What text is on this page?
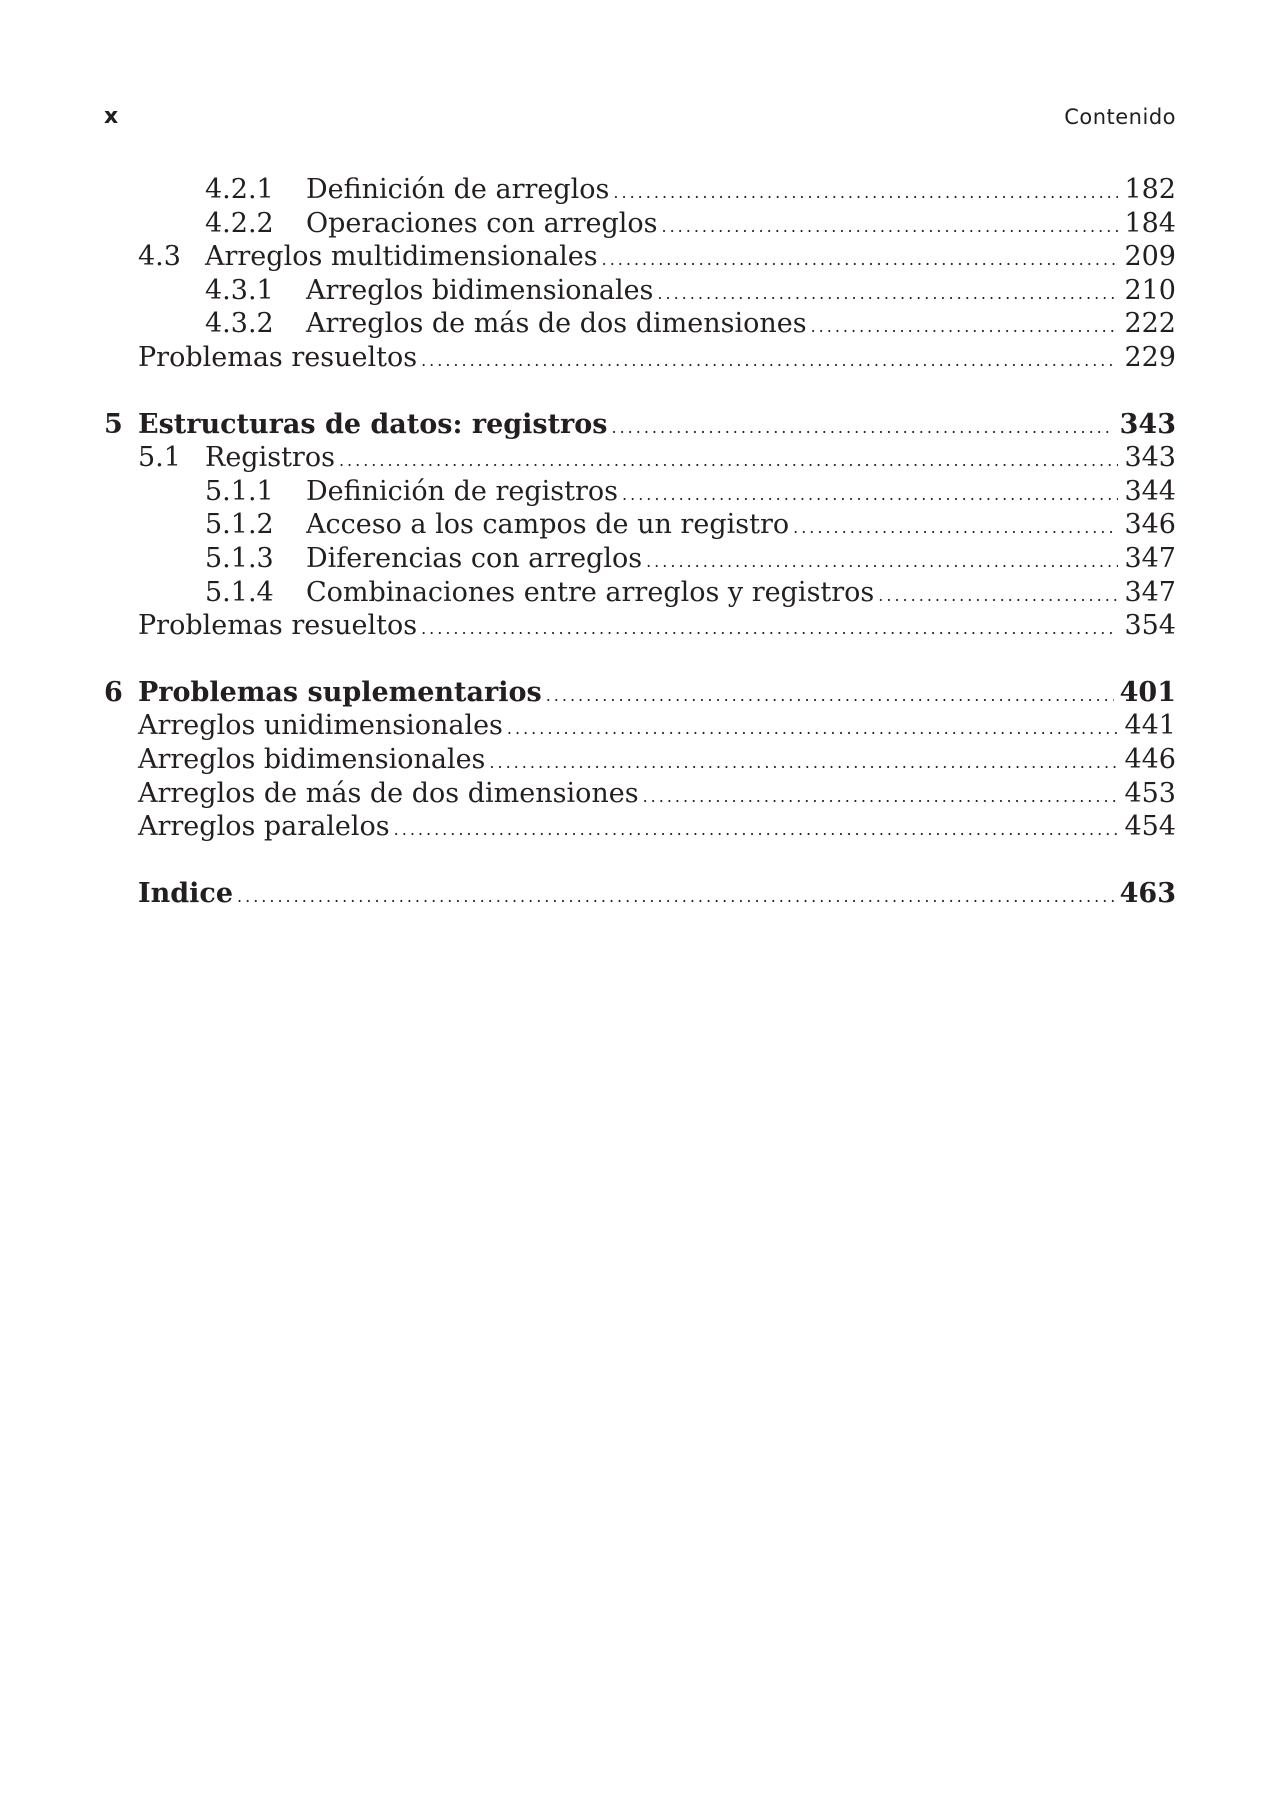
x	Contenido
4.2.1	Definición de arreglos .....	182
4.2.2	Operaciones con arreglos .....	184
4.3 Arreglos multidimensionales .....	209
4.3.1	Arreglos bidimensionales .....	210
4.3.2	Arreglos de más de dos dimensiones .....	222
Problemas resueltos .....	229
5 Estructuras de datos: registros .....	343
5.1 Registros .....	343
5.1.1	Definición de registros .....	344
5.1.2	Acceso a los campos de un registro .....	346
5.1.3	Diferencias con arreglos .....	347
5.1.4	Combinaciones entre arreglos y registros .....	347
Problemas resueltos .....	354
6 Problemas suplementarios .....	401
Arreglos unidimensionales .....	441
Arreglos bidimensionales .....	446
Arreglos de más de dos dimensiones .....	453
Arreglos paralelos .....	454
Indice .....	463
